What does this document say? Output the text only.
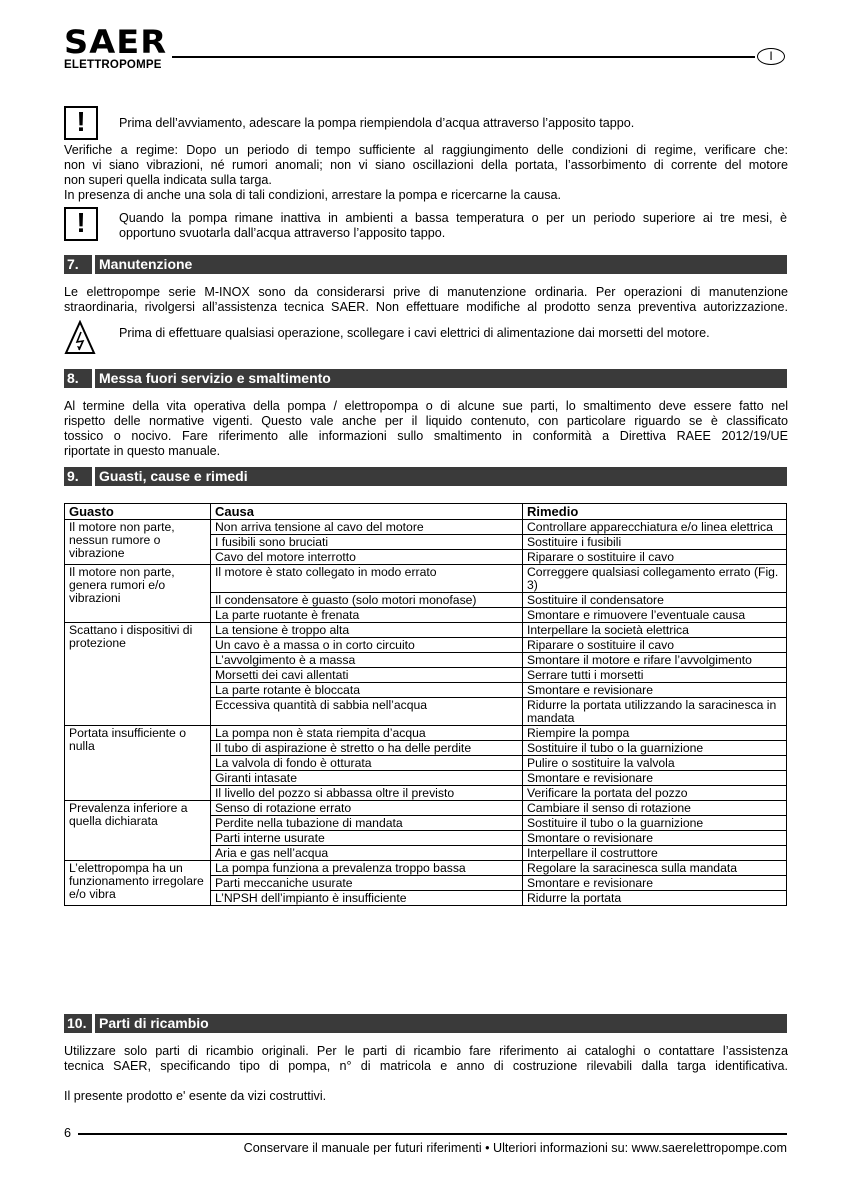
SAER
ELETTROPOMPE
I
!	Prima dell’avviamento, adescare la pompa riempiendola d’acqua attraverso l’apposito tappo.
Verifiche a regime: Dopo un periodo di tempo sufficiente al raggiungimento delle condizioni di regime, verificare che:
non vi siano vibrazioni, né rumori anomali; non vi siano oscillazioni della portata, l’assorbimento di corrente del motore
non superi quella indicata sulla targa.
In presenza di anche una sola di tali condizioni, arrestare la pompa e ricercarne la causa.
!	Quando la pompa rimane inattiva in ambienti a bassa temperatura o per un periodo superiore ai tre mesi, è
opportuno svuotarla dall’acqua attraverso l’apposito tappo.
7.	Manutenzione
Le elettropompe serie M-INOX sono da considerarsi prive di manutenzione ordinaria. Per operazioni di manutenzione
straordinaria, rivolgersi all’assistenza tecnica SAER. Non effettuare modifiche al prodotto senza preventiva autorizzazione.
Prima di effettuare qualsiasi operazione, scollegare i cavi elettrici di alimentazione dai morsetti del motore.
8.	Messa fuori servizio e smaltimento
Al termine della vita operativa della pompa / elettropompa o di alcune sue parti, lo smaltimento deve essere fatto nel
rispetto delle normative vigenti. Questo vale anche per il liquido contenuto, con particolare riguardo se è classificato
tossico o nocivo. Fare riferimento alle informazioni sullo smaltimento in conformità a Direttiva RAEE 2012/19/UE
riportate in questo manuale.
9.	Guasti, cause e rimedi
Guasto	Causa	Rimedio
Il motore non parte, nessun rumore o vibrazione	Non arriva tensione al cavo del motore	Controllare apparecchiatura e/o linea elettrica
	I fusibili sono bruciati	Sostituire i fusibili
	Cavo del motore interrotto	Riparare o sostituire il cavo
Il motore non parte, genera rumori e/o vibrazioni	Il motore è stato collegato in modo errato	Correggere qualsiasi collegamento errato (Fig. 3)
	Il condensatore è guasto (solo motori monofase)	Sostituire il condensatore
	La parte ruotante è frenata	Smontare e rimuovere l’eventuale causa
Scattano i dispositivi di protezione	La tensione è troppo alta	Interpellare la società elettrica
	Un cavo è a massa o in corto circuito	Riparare o sostituire il cavo
	L’avvolgimento è a massa	Smontare il motore e rifare l’avvolgimento
	Morsetti dei cavi allentati	Serrare tutti i morsetti
	La parte rotante è bloccata	Smontare e revisionare
	Eccessiva quantità di sabbia nell’acqua	Ridurre la portata utilizzando la saracinesca in mandata
Portata insufficiente o nulla	La pompa non è stata riempita d’acqua	Riempire la pompa
	Il tubo di aspirazione è stretto o ha delle perdite	Sostituire il tubo o la guarnizione
	La valvola di fondo è otturata	Pulire o sostituire la valvola
	Giranti intasate	Smontare e revisionare
	Il livello del pozzo si abbassa oltre il previsto	Verificare la portata del pozzo
Prevalenza inferiore a quella dichiarata	Senso di rotazione errato	Cambiare il senso di rotazione
	Perdite nella tubazione di mandata	Sostituire il tubo o la guarnizione
	Parti interne usurate	Smontare o revisionare
	Aria e gas nell’acqua	Interpellare il costruttore
L’elettropompa ha un funzionamento irregolare e/o vibra	La pompa funziona a prevalenza troppo bassa	Regolare la saracinesca sulla mandata
	Parti meccaniche usurate	Smontare e revisionare
	L’NPSH dell’impianto è insufficiente	Ridurre la portata
10. Parti di ricambio
Utilizzare solo parti di ricambio originali. Per le parti di ricambio fare riferimento ai cataloghi o contattare l’assistenza
tecnica SAER, specificando tipo di pompa, n° di matricola e anno di costruzione rilevabili dalla targa identificativa.
Il presente prodotto e' esente da vizi costruttivi.
6
Conservare il manuale per futuri riferimenti • Ulteriori informazioni su: www.saerelettropompe.com
